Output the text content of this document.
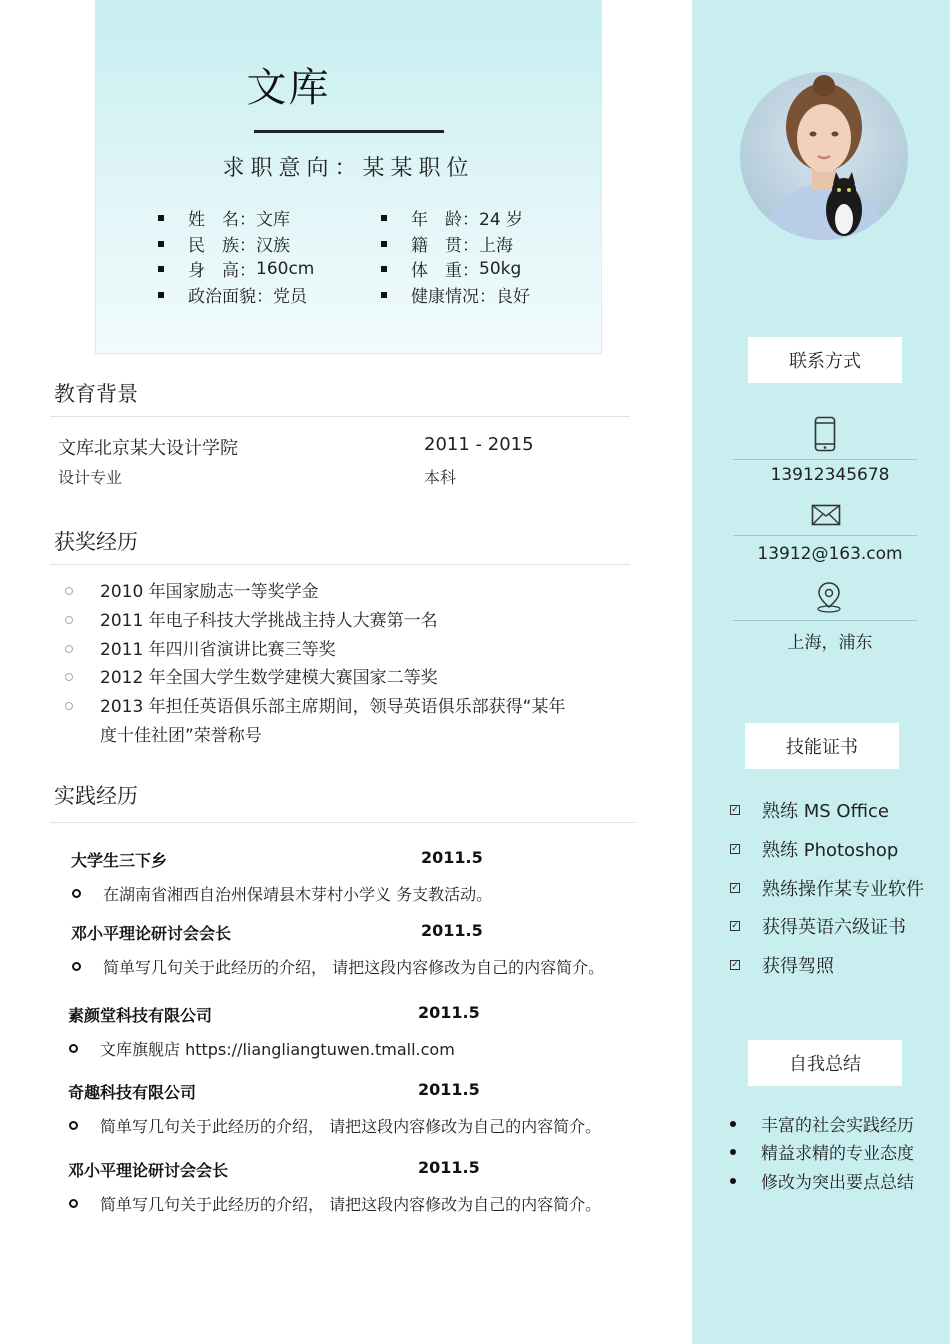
文库
求职意向：某某职位
姓　名： 文库
民　族： 汉族
身　高： 160cm
政治面貌： 党员
年　龄： 24 岁
籍　贯： 上海
体　重： 50kg
健康情况： 良好
教育背景
文库北京某大设计学院	2011 - 2015
设计专业	本科
获奖经历
2010 年国家励志一等奖学金
2011 年电子科技大学挑战主持人大赛第一名
2011 年四川省演讲比赛三等奖
2012 年全国大学生数学建模大赛国家二等奖
2013 年担任英语俱乐部主席期间，领导英语俱乐部获得“某年度十佳社团”荣誉称号
实践经历
大学生三下乡	2011.5
在湖南省湘西自治州保靖县木芽村小学义 务支教活动。
邓小平理论研讨会会长	2011.5
简单写几句关于此经历的介绍， 请把这段内容修改为自己的内容简介。
素颜堂科技有限公司	2011.5
文库旗舰店 https://liangliangtuwen.tmall.com
奇趣科技有限公司	2011.5
简单写几句关于此经历的介绍， 请把这段内容修改为自己的内容简介。
邓小平理论研讨会会长	2011.5
简单写几句关于此经历的介绍， 请把这段内容修改为自己的内容简介。
联系方式
13912345678
13912@163.com
上海，浦东
技能证书
✓ 熟练 MS Office
✓ 熟练 Photoshop
✓ 熟练操作某专业软件
✓ 获得英语六级证书
✓ 获得驾照
自我总结
丰富的社会实践经历
精益求精的专业态度
修改为突出要点总结
